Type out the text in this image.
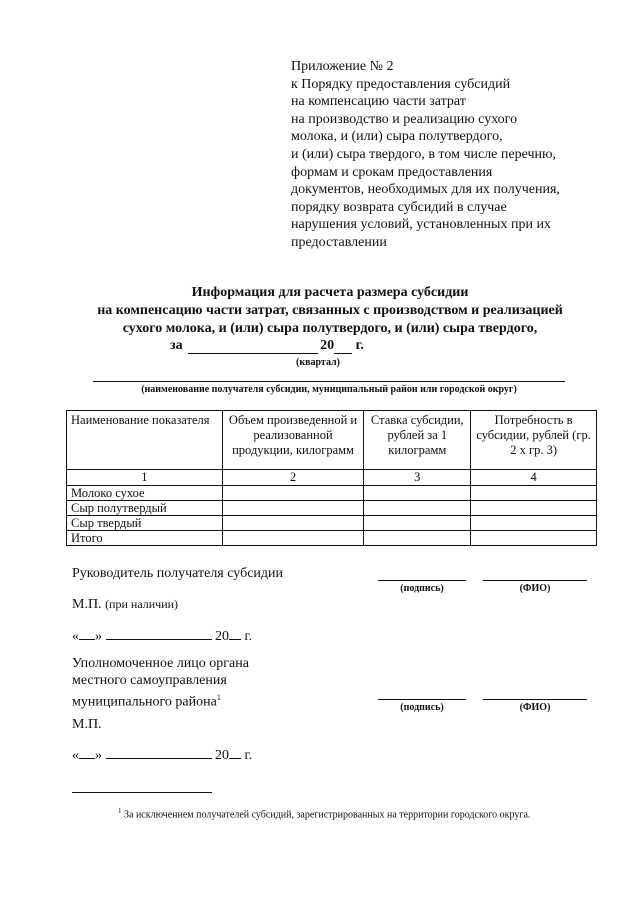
Приложение № 2
к Порядку предоставления субсидий
на компенсацию части затрат
на производство и реализацию сухого
молока, и (или) сыра полутвердого,
и (или) сыра твердого, в том числе перечню,
формам и срокам предоставления
документов, необходимых для их получения,
порядку возврата субсидий в случае
нарушения условий, установленных при их
предоставлении
Информация для расчета размера субсидии
на компенсацию части затрат, связанных с производством и реализацией
сухого молока, и (или) сыра полутвердого, и (или) сыра твердого,
за	20 г.
(квартал)
(наименование получателя субсидии, муниципальный район или городской округ)
Наименование показателя	Объем произведенной и реализованной продукции, килограмм	Ставка субсидии, рублей за 1 килограмм	Потребность в субсидии, рублей (гр. 2 x гр. 3)
1	2	3	4
Молоко сухое			
Сыр полутвердый			
Сыр твердый			
Итого			
Руководитель получателя субсидии
(подпись)	(ФИО)
М.П. (при наличии)
« »	20 г.
Уполномоченное лицо органа
местного самоуправления
муниципального района$^1$
(подпись)	(ФИО)
М.П.
« »	20 г.
$^1$ За исключением получателей субсидий, зарегистрированных на территории городского округа.
